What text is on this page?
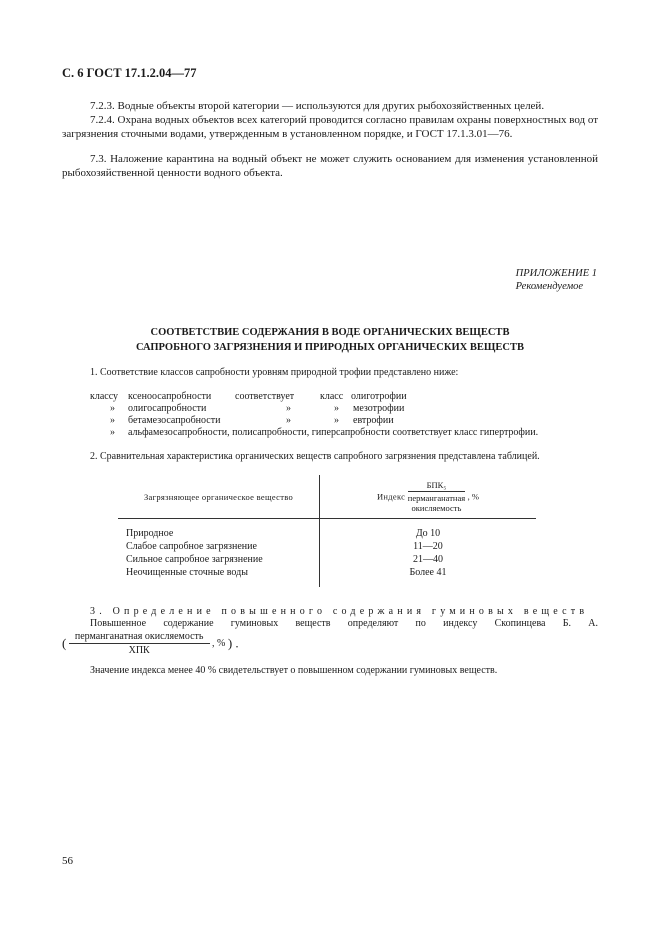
С. 6 ГОСТ 17.1.2.04—77

7.2.3. Водные объекты второй категории — используются для других рыбохозяйственных целей.

7.2.4. Охрана водных объектов всех категорий проводится согласно правилам охраны поверхностных вод от загрязнения сточными водами, утвержденным в установленном порядке, и ГОСТ 17.1.3.01—76.

7.3. Наложение карантина на водный объект не может служить основанием для изменения установленной рыбохозяйственной ценности водного объекта.

ПРИЛОЖЕНИЕ 1
Рекомендуемое
СООТВЕТСТВИЕ СОДЕРЖАНИЯ В ВОДЕ ОРГАНИЧЕСКИХ ВЕЩЕСТВ
САПРОБНОГО ЗАГРЯЗНЕНИЯ И ПРИРОДНЫХ ОРГАНИЧЕСКИХ ВЕЩЕСТВ

1. Соответствие классов сапробности уровням природной трофии представлено ниже:

классу ксеноосапробности соответствует	класс олиготрофии
» олигосапробности	»	» мезотрофии
» бетамезосапробности	»	» евтрофии
» альфамезосапробности, полисапробности, гиперсапробности соответствует класс гипертрофии.

2. Сравнительная характеристика органических веществ сапробного загрязнения представлена таблицей.

Загрязняющее органическое вещество	Индекс БПК₅
перманганатная
окисляемость , %
Природное	До 10
Слабое сапробное загрязнение	11—20
Сильное сапробное загрязнение	21—40
Неочищенные сточные воды	Более 41
3. Определение повышенного содержания гуминовых веществ

Повышенное содержание гуминовых веществ определяют по индексу Скопинцева Б. А.

( $\frac{\text{перманганатная окисляемость}}{\text{ХПК}}$ , % ) .

Значение индекса менее 40 % свидетельствует о повышенном содержании гуминовых веществ.

56
